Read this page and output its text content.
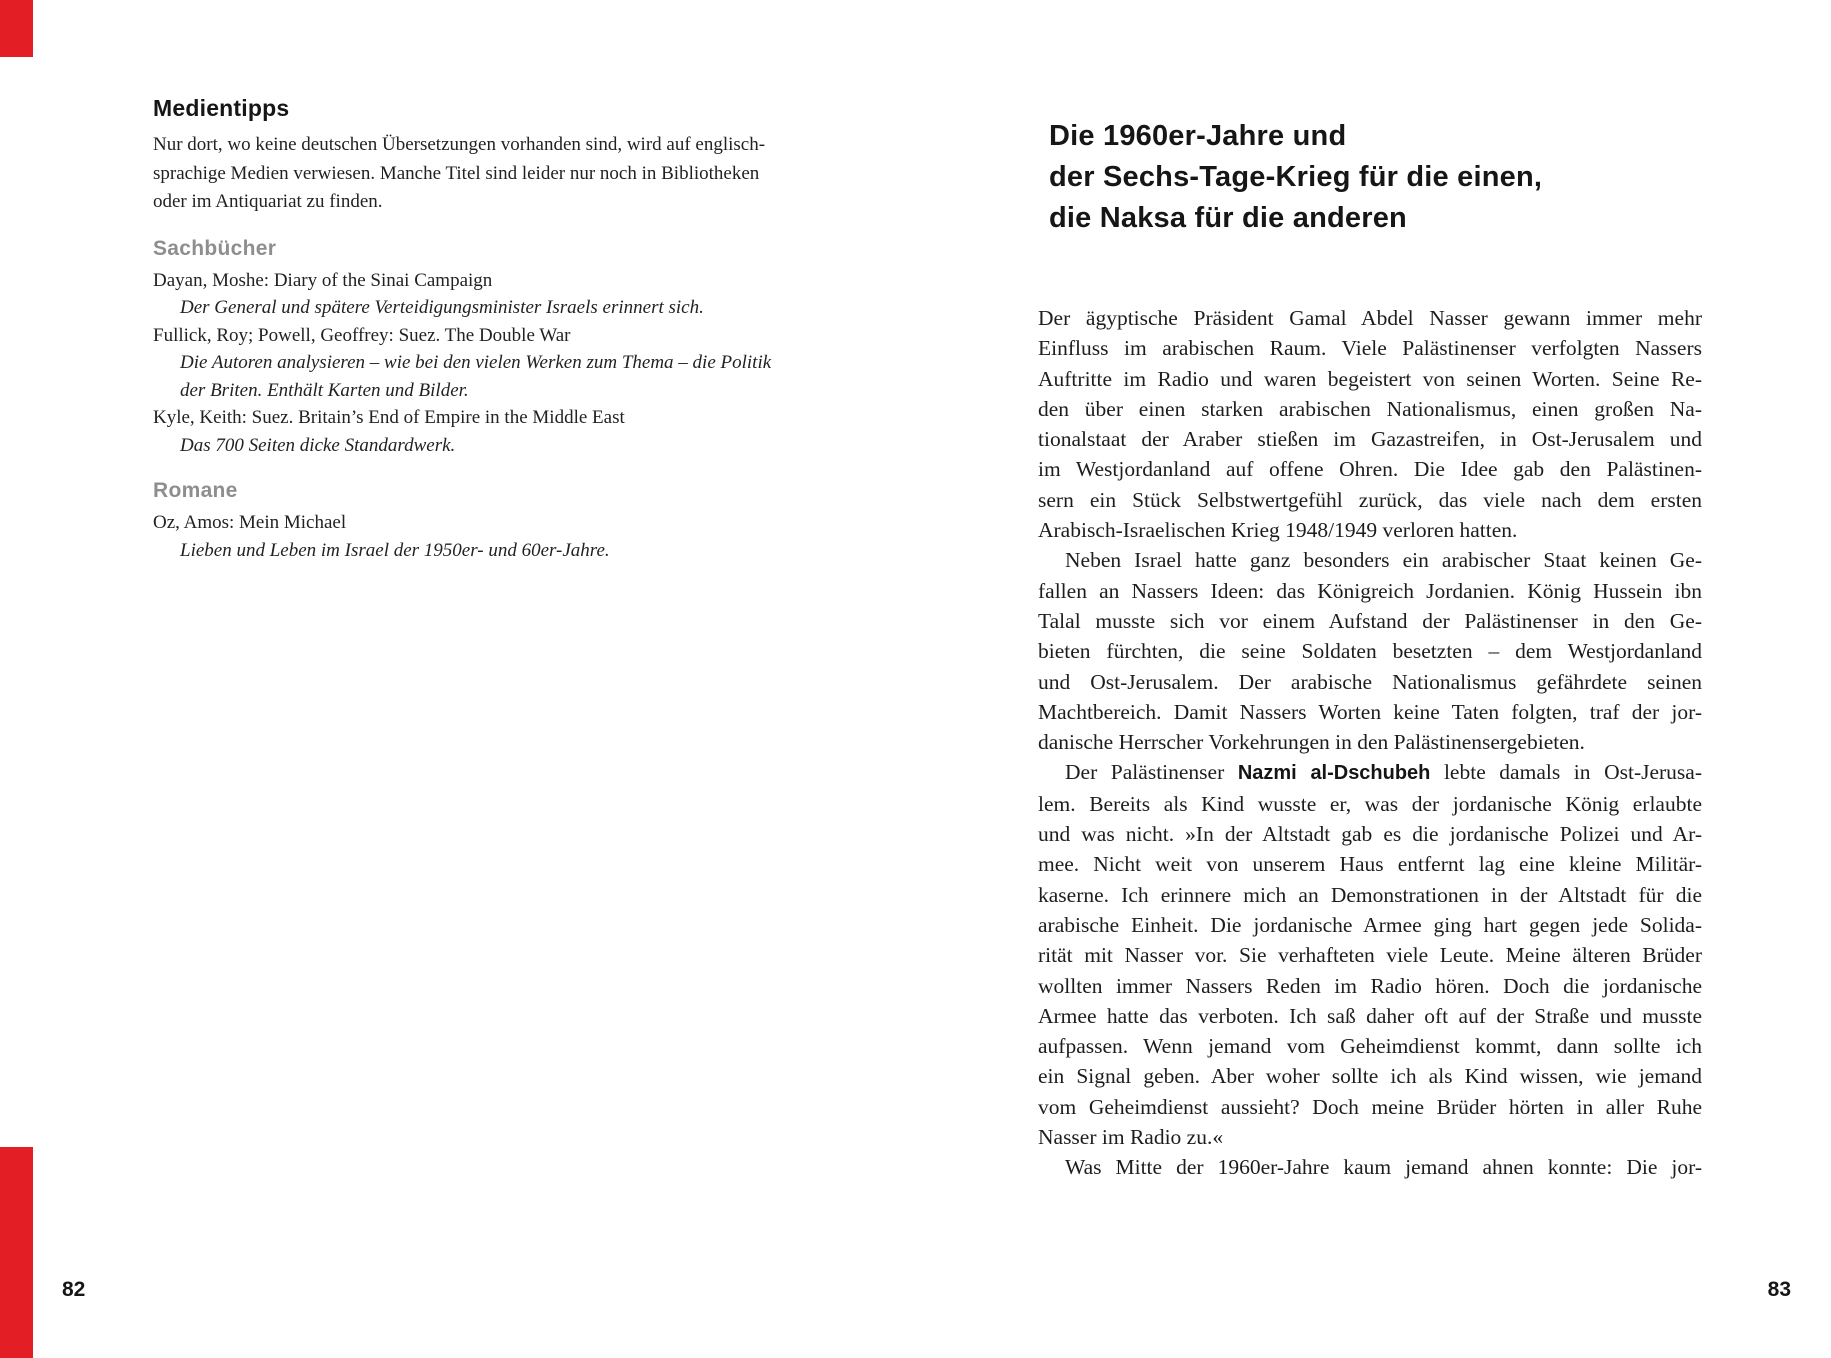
Medientipps
Nur dort, wo keine deutschen Übersetzungen vorhanden sind, wird auf englisch-
sprachige Medien verwiesen. Manche Titel sind leider nur noch in Bibliotheken
oder im Antiquariat zu finden.
Sachbücher
Dayan, Moshe: Diary of the Sinai Campaign
Der General und spätere Verteidigungsminister Israels erinnert sich.
Fullick, Roy; Powell, Geoffrey: Suez. The Double War
Die Autoren analysieren – wie bei den vielen Werken zum Thema – die Politik
der Briten. Enthält Karten und Bilder.
Kyle, Keith: Suez. Britain’s End of Empire in the Middle East
Das 700 Seiten dicke Standardwerk.
Romane
Oz, Amos: Mein Michael
Lieben und Leben im Israel der 1950er- und 60er-Jahre.
Die 1960er-Jahre und
der Sechs-Tage-Krieg für die einen,
die Naksa für die anderen
Der ägyptische Präsident Gamal Abdel Nasser gewann immer mehr
Einfluss im arabischen Raum. Viele Palästinenser verfolgten Nassers
Auftritte im Radio und waren begeistert von seinen Worten. Seine Re-
den über einen starken arabischen Nationalismus, einen großen Na-
tionalstaat der Araber stießen im Gazastreifen, in Ost-Jerusalem und
im Westjordanland auf offene Ohren. Die Idee gab den Palästinen-
sern ein Stück Selbstwertgefühl zurück, das viele nach dem ersten
Arabisch-Israelischen Krieg 1948/1949 verloren hatten.
Neben Israel hatte ganz besonders ein arabischer Staat keinen Ge-
fallen an Nassers Ideen: das Königreich Jordanien. König Hussein ibn
Talal musste sich vor einem Aufstand der Palästinenser in den Ge-
bieten fürchten, die seine Soldaten besetzten – dem Westjordanland
und Ost-Jerusalem. Der arabische Nationalismus gefährdete seinen
Machtbereich. Damit Nassers Worten keine Taten folgten, traf der jor-
danische Herrscher Vorkehrungen in den Palästinensergebieten.
Der Palästinenser Nazmi al-Dschubeh lebte damals in Ost-Jerusa-
lem. Bereits als Kind wusste er, was der jordanische König erlaubte
und was nicht. »In der Altstadt gab es die jordanische Polizei und Ar-
mee. Nicht weit von unserem Haus entfernt lag eine kleine Militär-
kaserne. Ich erinnere mich an Demonstrationen in der Altstadt für die
arabische Einheit. Die jordanische Armee ging hart gegen jede Solida-
rität mit Nasser vor. Sie verhafteten viele Leute. Meine älteren Brüder
wollten immer Nassers Reden im Radio hören. Doch die jordanische
Armee hatte das verboten. Ich saß daher oft auf der Straße und musste
aufpassen. Wenn jemand vom Geheimdienst kommt, dann sollte ich
ein Signal geben. Aber woher sollte ich als Kind wissen, wie jemand
vom Geheimdienst aussieht? Doch meine Brüder hörten in aller Ruhe
Nasser im Radio zu.«
Was Mitte der 1960er-Jahre kaum jemand ahnen konnte: Die jor-
82	83
